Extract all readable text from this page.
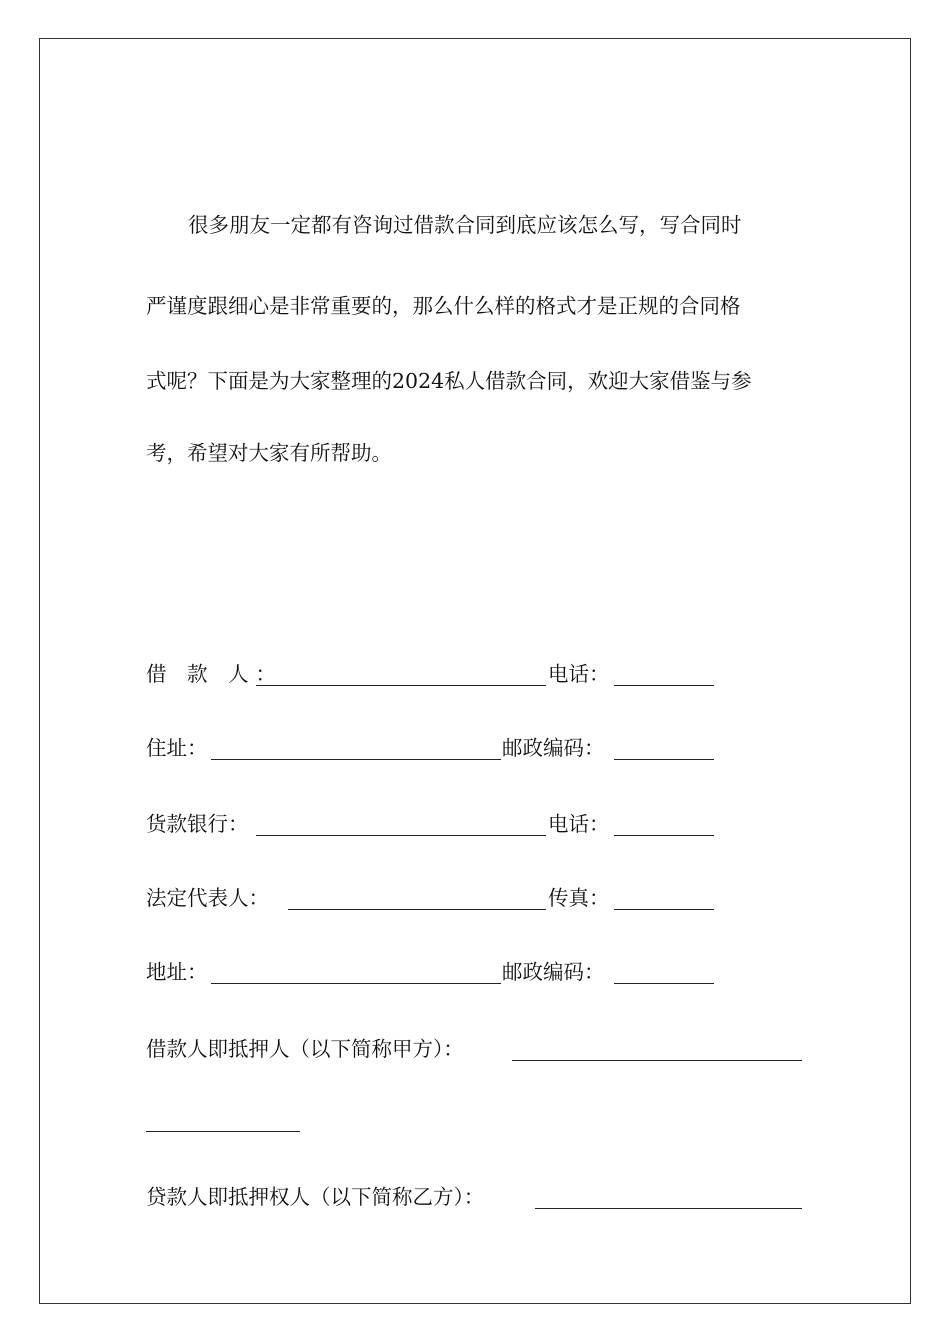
很多朋友一定都有咨询过借款合同到底应该怎么写，写合同时
严谨度跟细心是非常重要的，那么什么样的格式才是正规的合同格
式呢？下面是为大家整理的2024私人借款合同，欢迎大家借鉴与参
考，希望对大家有所帮助。
借 款 人：	电话：
住址：	邮政编码：
货款银行：	电话：
法定代表人：	传真：
地址：	邮政编码：
借款人即抵押人（以下简称甲方）：
贷款人即抵押权人（以下简称乙方）：
